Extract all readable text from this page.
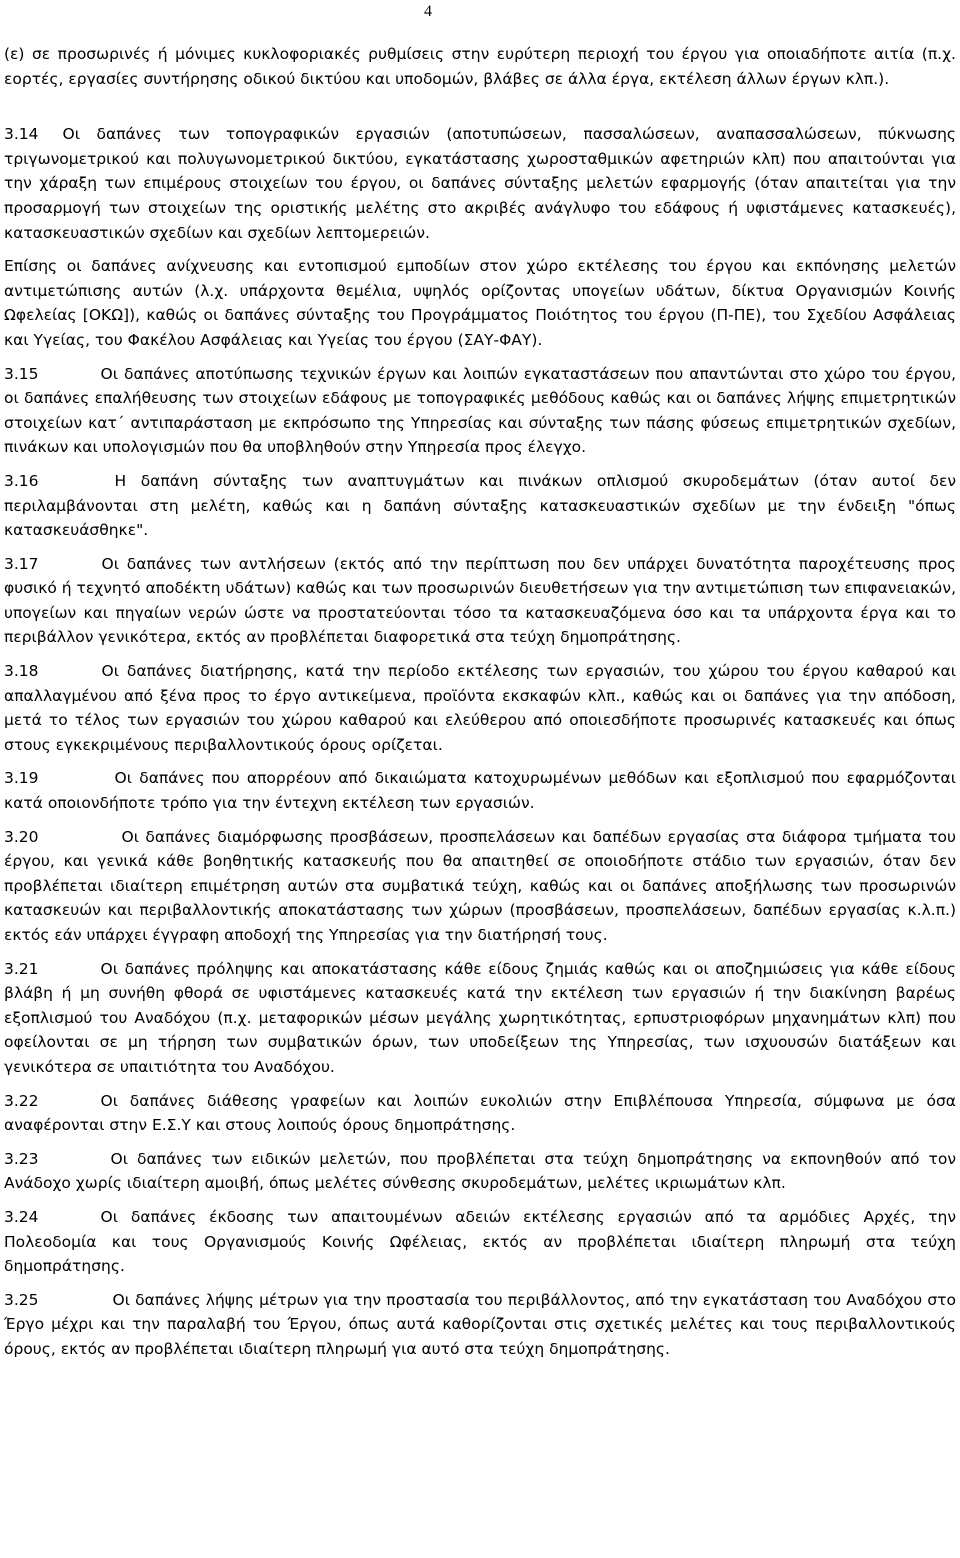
4

(ε) σε προσωρινές ή μόνιμες κυκλοφοριακές ρυθμίσεις στην ευρύτερη περιοχή του έργου για οποιαδήποτε αιτία (π.χ. εορτές, εργασίες συντήρησης οδικού δικτύου και υποδομών, βλάβες σε άλλα έργα, εκτέλεση άλλων έργων κλπ.).

3.14 Οι δαπάνες των τοπογραφικών εργασιών (αποτυπώσεων, πασσαλώσεων, αναπασσαλώσεων, πύκνωσης τριγωνομετρικού και πολυγωνομετρικού δικτύου, εγκατάστασης χωροσταθμικών αφετηριών κλπ) που απαιτούνται για την χάραξη των επιμέρους στοιχείων του έργου, οι δαπάνες σύνταξης μελετών εφαρμογής (όταν απαιτείται για την προσαρμογή των στοιχείων της οριστικής μελέτης στο ακριβές ανάγλυφο του εδάφους ή υφιστάμενες κατασκευές), κατασκευαστικών σχεδίων και σχεδίων λεπτομερειών.

Επίσης οι δαπάνες ανίχνευσης και εντοπισμού εμποδίων στον χώρο εκτέλεσης του έργου και εκπόνησης μελετών αντιμετώπισης αυτών (λ.χ. υπάρχοντα θεμέλια, υψηλός ορίζοντας υπογείων υδάτων, δίκτυα Οργανισμών Κοινής Ωφελείας [ΟΚΩ]), καθώς οι δαπάνες σύνταξης του Προγράμματος Ποιότητος του έργου (Π-ΠΕ), του Σχεδίου Ασφάλειας και Υγείας, του Φακέλου Ασφάλειας και Υγείας του έργου (ΣΑΥ-ΦΑΥ).

3.15	Οι δαπάνες αποτύπωσης τεχνικών έργων και λοιπών εγκαταστάσεων που απαντώνται στο χώρο του έργου, οι δαπάνες επαλήθευσης των στοιχείων εδάφους με τοπογραφικές μεθόδους καθώς και οι δαπάνες λήψης επιμετρητικών στοιχείων κατ΄ αντιπαράσταση με εκπρόσωπο της Υπηρεσίας και σύνταξης των πάσης φύσεως επιμετρητικών σχεδίων, πινάκων και υπολογισμών που θα υποβληθούν στην Υπηρεσία προς έλεγχο.

3.16	Η δαπάνη σύνταξης των αναπτυγμάτων και πινάκων οπλισμού σκυροδεμάτων (όταν αυτοί δεν περιλαμβάνονται στη μελέτη, καθώς και η δαπάνη σύνταξης κατασκευαστικών σχεδίων με την ένδειξη "όπως κατασκευάσθηκε".

3.17	Οι δαπάνες των αντλήσεων (εκτός από την περίπτωση που δεν υπάρχει δυνατότητα παροχέτευσης προς φυσικό ή τεχνητό αποδέκτη υδάτων) καθώς και των προσωρινών διευθετήσεων για την αντιμετώπιση των επιφανειακών, υπογείων και πηγαίων νερών ώστε να προστατεύονται τόσο τα κατασκευαζόμενα όσο και τα υπάρχοντα έργα και το περιβάλλον γενικότερα, εκτός αν προβλέπεται διαφορετικά στα τεύχη δημοπράτησης.

3.18	Οι δαπάνες διατήρησης, κατά την περίοδο εκτέλεσης των εργασιών, του χώρου του έργου καθαρού και απαλλαγμένου από ξένα προς το έργο αντικείμενα, προϊόντα εκσκαφών κλπ., καθώς και οι δαπάνες για την απόδοση, μετά το τέλος των εργασιών του χώρου καθαρού και ελεύθερου από οποιεσδήποτε προσωρινές κατασκευές και όπως στους εγκεκριμένους περιβαλλοντικούς όρους ορίζεται.

3.19	Οι δαπάνες που απορρέουν από δικαιώματα κατοχυρωμένων μεθόδων και εξοπλισμού που εφαρμόζονται κατά οποιονδήποτε τρόπο για την έντεχνη εκτέλεση των εργασιών.

3.20	Οι δαπάνες διαμόρφωσης προσβάσεων, προσπελάσεων και δαπέδων εργασίας στα διάφορα τμήματα του έργου, και γενικά κάθε βοηθητικής κατασκευής που θα απαιτηθεί σε οποιοδήποτε στάδιο των εργασιών, όταν δεν προβλέπεται ιδιαίτερη επιμέτρηση αυτών στα συμβατικά τεύχη, καθώς και οι δαπάνες αποξήλωσης των προσωρινών κατασκευών και περιβαλλοντικής αποκατάστασης των χώρων (προσβάσεων, προσπελάσεων, δαπέδων εργασίας κ.λ.π.) εκτός εάν υπάρχει έγγραφη αποδοχή της Υπηρεσίας για την διατήρησή τους.

3.21	Οι δαπάνες πρόληψης και αποκατάστασης κάθε είδους ζημιάς καθώς και οι αποζημιώσεις για κάθε είδους βλάβη ή μη συνήθη φθορά σε υφιστάμενες κατασκευές κατά την εκτέλεση των εργασιών ή την διακίνηση βαρέως εξοπλισμού του Αναδόχου (π.χ. μεταφορικών μέσων μεγάλης χωρητικότητας, ερπυστριοφόρων μηχανημάτων κλπ) που οφείλονται σε μη τήρηση των συμβατικών όρων, των υποδείξεων της Υπηρεσίας, των ισχυουσών διατάξεων και γενικότερα σε υπαιτιότητα του Αναδόχου.

3.22	Οι δαπάνες διάθεσης γραφείων και λοιπών ευκολιών στην Επιβλέπουσα Υπηρεσία, σύμφωνα με όσα αναφέρονται στην Ε.Σ.Υ και στους λοιπούς όρους δημοπράτησης.

3.23	Οι δαπάνες των ειδικών μελετών, που προβλέπεται στα τεύχη δημοπράτησης να εκπονηθούν από τον Ανάδοχο χωρίς ιδιαίτερη αμοιβή, όπως μελέτες σύνθεσης σκυροδεμάτων, μελέτες ικριωμάτων κλπ.

3.24	Οι δαπάνες έκδοσης των απαιτουμένων αδειών εκτέλεσης εργασιών από τα αρμόδιες Αρχές, την Πολεοδομία και τους Οργανισμούς Κοινής Ωφέλειας, εκτός αν προβλέπεται ιδιαίτερη πληρωμή στα τεύχη δημοπράτησης.

3.25	Οι δαπάνες λήψης μέτρων για την προστασία του περιβάλλοντος, από την εγκατάσταση του Αναδόχου στο Έργο μέχρι και την παραλαβή του Έργου, όπως αυτά καθορίζονται στις σχετικές μελέτες και τους περιβαλλοντικούς όρους, εκτός αν προβλέπεται ιδιαίτερη πληρωμή για αυτό στα τεύχη δημοπράτησης.
